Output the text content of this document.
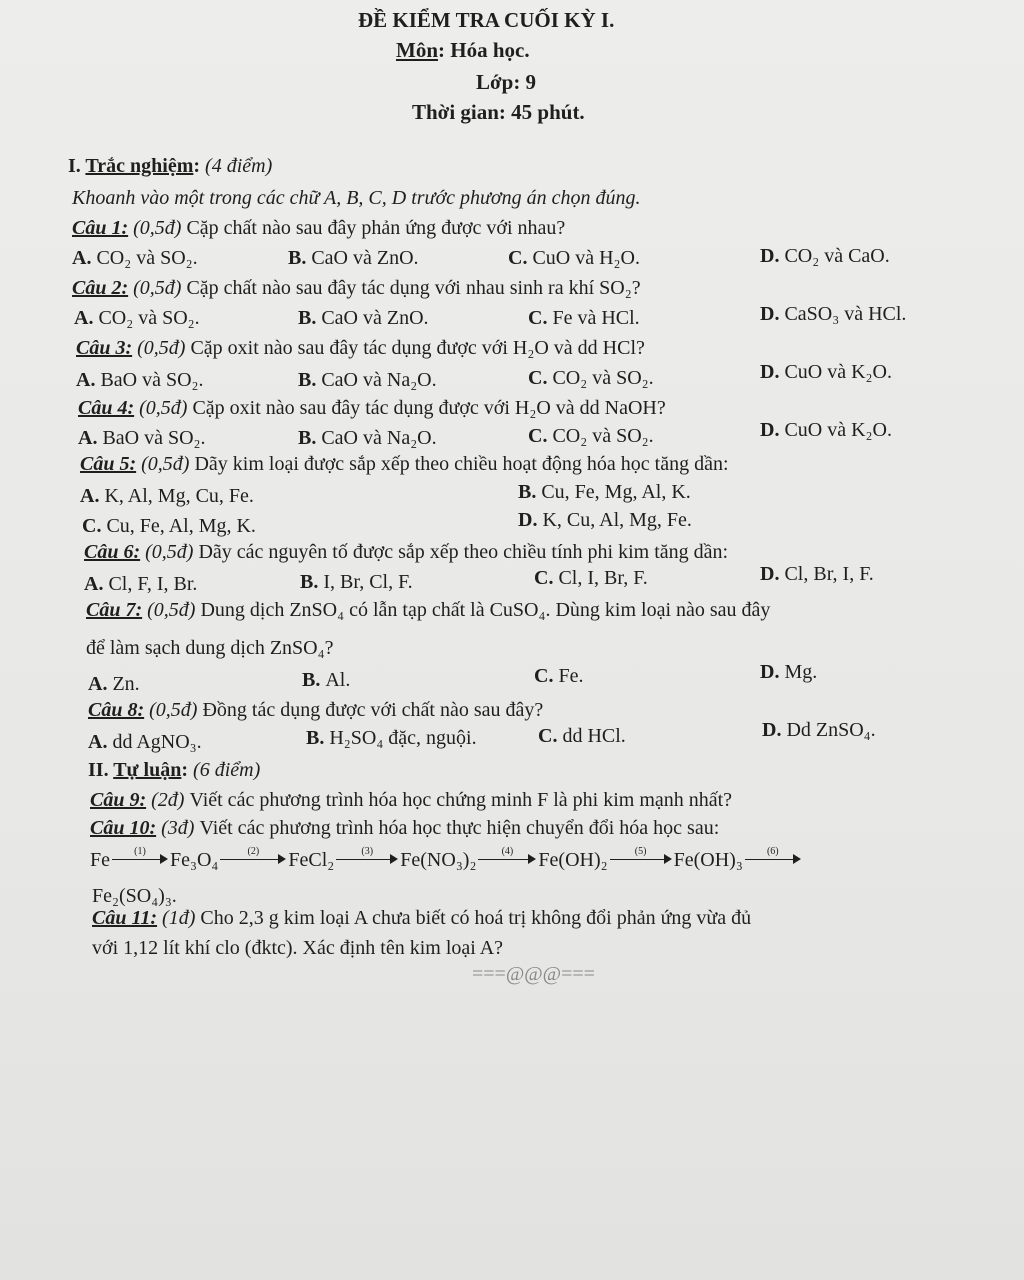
ĐỀ KIỂM TRA CUỐI KỲ I.
Môn: Hóa học.
Lớp: 9
Thời gian: 45 phút.
I. Trắc nghiệm: (4 điểm)
Khoanh vào một trong các chữ A, B, C, D trước phương án chọn đúng.
Câu 1: (0,5đ) Cặp chất nào sau đây phản ứng được với nhau?
A. CO₂ và SO₂.	B. CaO và ZnO.	C. CuO và H₂O.	D. CO₂ và CaO.
Câu 2: (0,5đ) Cặp chất nào sau đây tác dụng với nhau sinh ra khí SO₂?
A. CO₂ và SO₂.	B. CaO và ZnO.	C. Fe và HCl.	D. CaSO₃ và HCl.
Câu 3: (0,5đ) Cặp oxit nào sau đây tác dụng được với H₂O và dd HCl?
A. BaO và SO₂.	B. CaO và Na₂O.	C. CO₂ và SO₂.	D. CuO và K₂O.
Câu 4: (0,5đ) Cặp oxit nào sau đây tác dụng được với H₂O và dd NaOH?
A. BaO và SO₂.	B. CaO và Na₂O.	C. CO₂ và SO₂.	D. CuO và K₂O.
Câu 5: (0,5đ) Dãy kim loại được sắp xếp theo chiều hoạt động hóa học tăng dần:
A. K, Al, Mg, Cu, Fe.	B. Cu, Fe, Mg, Al, K.
C. Cu, Fe, Al, Mg, K.	D. K, Cu, Al, Mg, Fe.
Câu 6: (0,5đ) Dãy các nguyên tố được sắp xếp theo chiều tính phi kim tăng dần:
A. Cl, F, I, Br.	B. I, Br, Cl, F.	C. Cl, I, Br, F.	D. Cl, Br, I, F.
Câu 7: (0,5đ) Dung dịch ZnSO₄ có lẫn tạp chất là CuSO₄. Dùng kim loại nào sau đây
để làm sạch dung dịch ZnSO₄?
A. Zn.	B. Al.	C. Fe.	D. Mg.
Câu 8: (0,5đ) Đồng tác dụng được với chất nào sau đây?
A. dd AgNO₃.	B. H₂SO₄ đặc, nguội.	C. dd HCl.	D. Dd ZnSO₄.
II. Tự luận: (6 điểm)
Câu 9: (2đ) Viết các phương trình hóa học chứng minh F là phi kim mạnh nhất?
Câu 10: (3đ) Viết các phương trình hóa học thực hiện chuyển đổi hóa học sau:
Fe	(1)	Fe₃O₄	(2)	FeCl₂	(3)	Fe(NO₃)₂	(4)	Fe(OH)₂	(5)	Fe(OH)₃	(6)
Fe₂(SO₄)₃.
Câu 11: (1đ) Cho 2,3 g kim loại A chưa biết có hoá trị không đổi phản ứng vừa đủ
với 1,12 lít khí clo (đktc). Xác định tên kim loại A?
===@@@===
